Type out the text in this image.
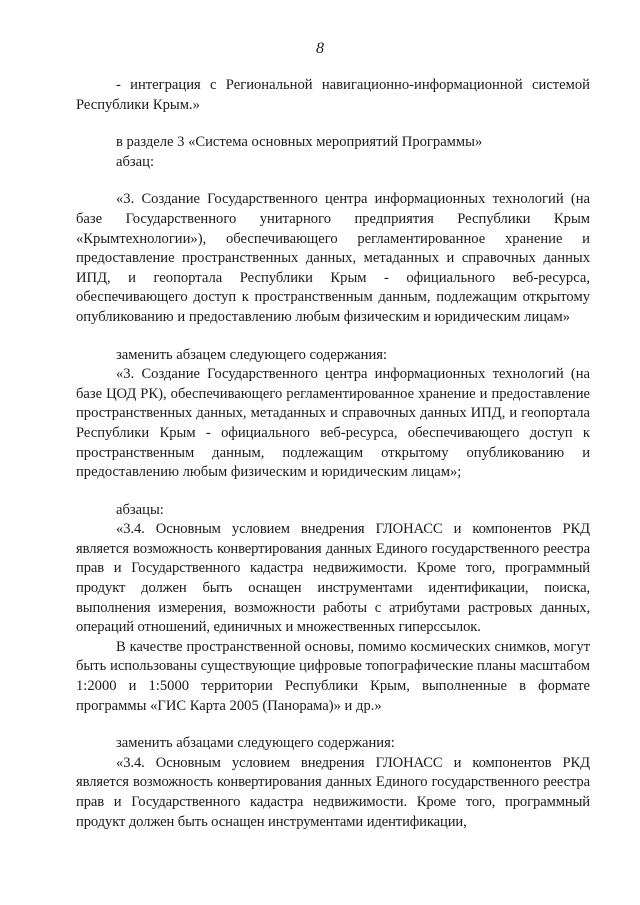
8

- интеграция с Региональной навигационно-информационной системой Республики Крым.»

в разделе 3 «Система основных мероприятий Программы»

абзац:

«3. Создание Государственного центра информационных технологий (на базе Государственного унитарного предприятия Республики Крым «Крымтехнологии»), обеспечивающего регламентированное хранение и предоставление пространственных данных, метаданных и справочных данных ИПД, и геопортала Республики Крым - официального веб-ресурса, обеспечивающего доступ к пространственным данным, подлежащим открытому опубликованию и предоставлению любым физическим и юридическим лицам»

заменить абзацем следующего содержания:

«3. Создание Государственного центра информационных технологий (на базе ЦОД РК), обеспечивающего регламентированное хранение и предоставление пространственных данных, метаданных и справочных данных ИПД, и геопортала Республики Крым - официального веб-ресурса, обеспечивающего доступ к пространственным данным, подлежащим открытому опубликованию и предоставлению любым физическим и юридическим лицам»;

абзацы:

«3.4. Основным условием внедрения ГЛОНАСС и компонентов РКД является возможность конвертирования данных Единого государственного реестра прав и Государственного кадастра недвижимости. Кроме того, программный продукт должен быть оснащен инструментами идентификации, поиска, выполнения измерения, возможности работы с атрибутами растровых данных, операций отношений, единичных и множественных гиперссылок.

В качестве пространственной основы, помимо космических снимков, могут быть использованы существующие цифровые топографические планы масштабом 1:2000 и 1:5000 территории Республики Крым, выполненные в формате программы «ГИС Карта 2005 (Панорама)» и др.»

заменить абзацами следующего содержания:

«3.4. Основным условием внедрения ГЛОНАСС и компонентов РКД является возможность конвертирования данных Единого государственного реестра прав и Государственного кадастра недвижимости. Кроме того, программный продукт должен быть оснащен инструментами идентификации,
